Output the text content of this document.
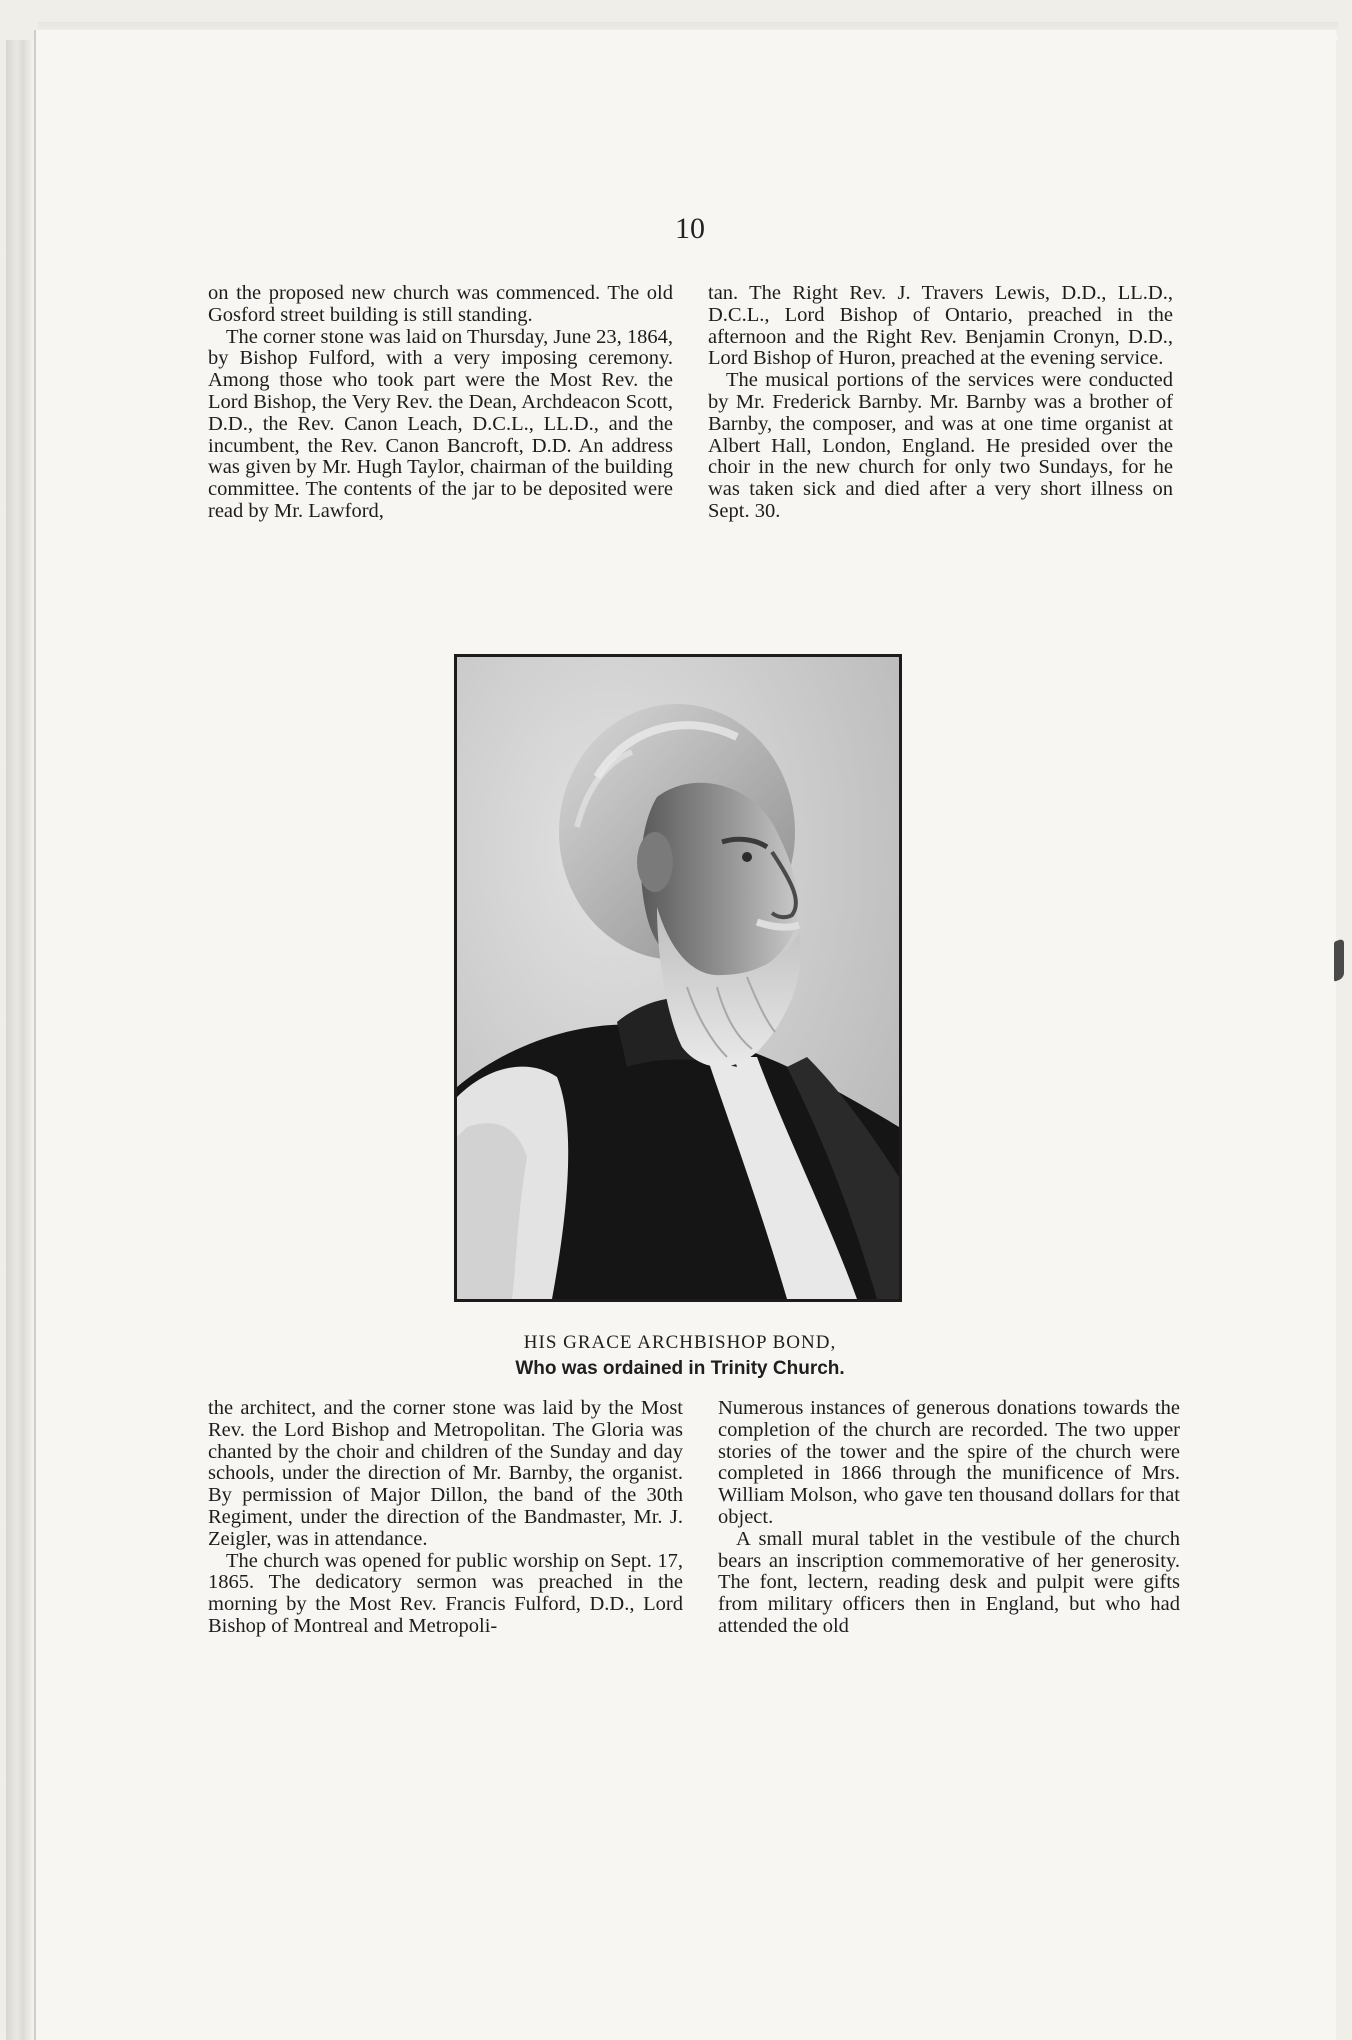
10

on the proposed new church was commenced. The old Gosford street building is still standing.

The corner stone was laid on Thursday, June 23, 1864, by Bishop Fulford, with a very imposing ceremony. Among those who took part were the Most Rev. the Lord Bishop, the Very Rev. the Dean, Archdeacon Scott, D.D., the Rev. Canon Leach, D.C.L., LL.D., and the incumbent, the Rev. Canon Bancroft, D.D. An address was given by Mr. Hugh Taylor, chairman of the building committee. The contents of the jar to be deposited were read by Mr. Lawford,

tan. The Right Rev. J. Travers Lewis, D.D., LL.D., D.C.L., Lord Bishop of Ontario, preached in the afternoon and the Right Rev. Benjamin Cronyn, D.D., Lord Bishop of Huron, preached at the evening service.

The musical portions of the services were conducted by Mr. Frederick Barnby. Mr. Barnby was a brother of Barnby, the composer, and was at one time organist at Albert Hall, London, England. He presided over the choir in the new church for only two Sundays, for he was taken sick and died after a very short illness on Sept. 30.

HIS GRACE ARCHBISHOP BOND,
Who was ordained in Trinity Church.

the architect, and the corner stone was laid by the Most Rev. the Lord Bishop and Metropolitan. The Gloria was chanted by the choir and children of the Sunday and day schools, under the direction of Mr. Barnby, the organist. By permission of Major Dillon, the band of the 30th Regiment, under the direction of the Bandmaster, Mr. J. Zeigler, was in attendance.

The church was opened for public worship on Sept. 17, 1865. The dedicatory sermon was preached in the morning by the Most Rev. Francis Fulford, D.D., Lord Bishop of Montreal and Metropoli-

Numerous instances of generous donations towards the completion of the church are recorded. The two upper stories of the tower and the spire of the church were completed in 1866 through the munificence of Mrs. William Molson, who gave ten thousand dollars for that object.

A small mural tablet in the vestibule of the church bears an inscription commemorative of her generosity. The font, lectern, reading desk and pulpit were gifts from military officers then in England, but who had attended the old
